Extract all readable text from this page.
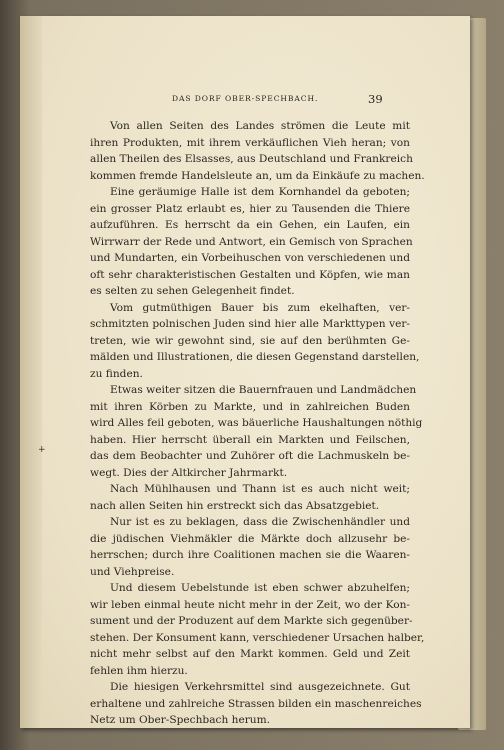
DAS DORF OBER-SPECHBACH.	39
+
Von allen Seiten des Landes strömen die Leute mit
ihren Produkten, mit ihrem verkäuflichen Vieh heran; von
allen Theilen des Elsasses, aus Deutschland und Frankreich
kommen fremde Handelsleute an, um da Einkäufe zu machen.
Eine geräumige Halle ist dem Kornhandel da geboten;
ein grosser Platz erlaubt es, hier zu Tausenden die Thiere
aufzuführen. Es herrscht da ein Gehen, ein Laufen, ein
Wirrwarr der Rede und Antwort, ein Gemisch von Sprachen
und Mundarten, ein Vorbeihuschen von verschiedenen und
oft sehr charakteristischen Gestalten und Köpfen, wie man
es selten zu sehen Gelegenheit findet.
Vom gutmüthigen Bauer bis zum ekelhaften, ver-
schmitzten polnischen Juden sind hier alle Markttypen ver-
treten, wie wir gewohnt sind, sie auf den berühmten Ge-
mälden und Illustrationen, die diesen Gegenstand darstellen,
zu finden.
Etwas weiter sitzen die Bauernfrauen und Landmädchen
mit ihren Körben zu Markte, und in zahlreichen Buden
wird Alles feil geboten, was bäuerliche Haushaltungen nöthig
haben. Hier herrscht überall ein Markten und Feilschen,
das dem Beobachter und Zuhörer oft die Lachmuskeln be-
wegt. Dies der Altkircher Jahrmarkt.
Nach Mühlhausen und Thann ist es auch nicht weit;
nach allen Seiten hin erstreckt sich das Absatzgebiet.
Nur ist es zu beklagen, dass die Zwischenhändler und
die jüdischen Viehmäkler die Märkte doch allzusehr be-
herrschen; durch ihre Coalitionen machen sie die Waaren-
und Viehpreise.
Und diesem Uebelstunde ist eben schwer abzuhelfen;
wir leben einmal heute nicht mehr in der Zeit, wo der Kon-
sument und der Produzent auf dem Markte sich gegenüber-
stehen. Der Konsument kann, verschiedener Ursachen halber,
nicht mehr selbst auf den Markt kommen. Geld und Zeit
fehlen ihm hierzu.
Die hiesigen Verkehrsmittel sind ausgezeichnete. Gut
erhaltene und zahlreiche Strassen bilden ein maschenreiches
Netz um Ober-Spechbach herum.
